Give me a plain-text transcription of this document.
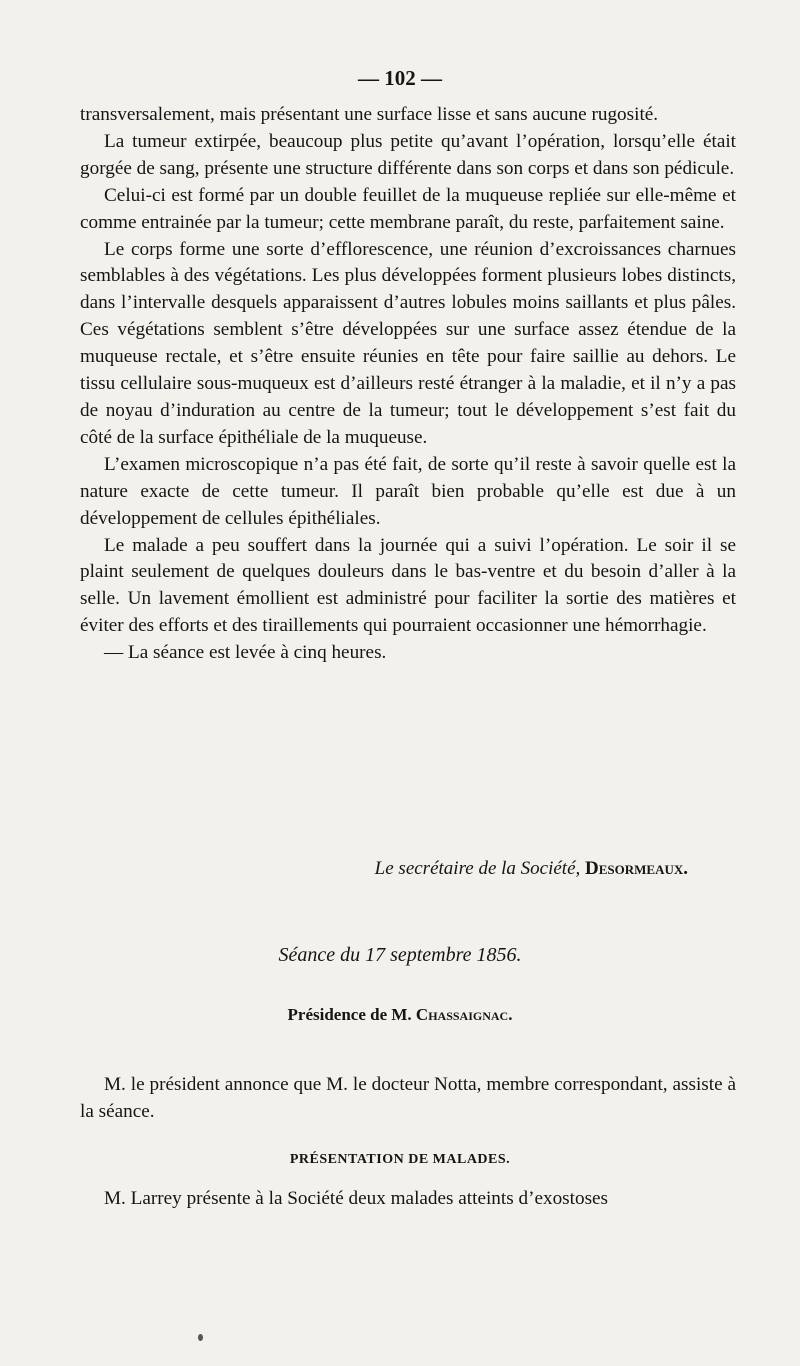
— 102 —

transversalement, mais présentant une surface lisse et sans aucune rugosité.

La tumeur extirpée, beaucoup plus petite qu’avant l’opération, lorsqu’elle était gorgée de sang, présente une structure différente dans son corps et dans son pédicule.

Celui-ci est formé par un double feuillet de la muqueuse repliée sur elle-même et comme entrainée par la tumeur; cette membrane paraît, du reste, parfaitement saine.

Le corps forme une sorte d’efflorescence, une réunion d’excroissances charnues semblables à des végétations. Les plus développées forment plusieurs lobes distincts, dans l’intervalle desquels apparaissent d’autres lobules moins saillants et plus pâles. Ces végétations semblent s’être développées sur une surface assez étendue de la muqueuse rectale, et s’être ensuite réunies en tête pour faire saillie au dehors. Le tissu cellulaire sous-muqueux est d’ailleurs resté étranger à la maladie, et il n’y a pas de noyau d’induration au centre de la tumeur; tout le développement s’est fait du côté de la surface épithéliale de la muqueuse.

L’examen microscopique n’a pas été fait, de sorte qu’il reste à savoir quelle est la nature exacte de cette tumeur. Il paraît bien probable qu’elle est due à un développement de cellules épithéliales.

Le malade a peu souffert dans la journée qui a suivi l’opération. Le soir il se plaint seulement de quelques douleurs dans le bas-ventre et du besoin d’aller à la selle. Un lavement émollient est administré pour faciliter la sortie des matières et éviter des efforts et des tiraillements qui pourraient occasionner une hémorrhagie.

— La séance est levée à cinq heures.

Le secrétaire de la Société, Desormeaux.
Séance du 17 septembre 1856.
Présidence de M. Chassaignac.

M. le président annonce que M. le docteur Notta, membre correspondant, assiste à la séance.

PRÉSENTATION DE MALADES.

M. Larrey présente à la Société deux malades atteints d’exostoses
